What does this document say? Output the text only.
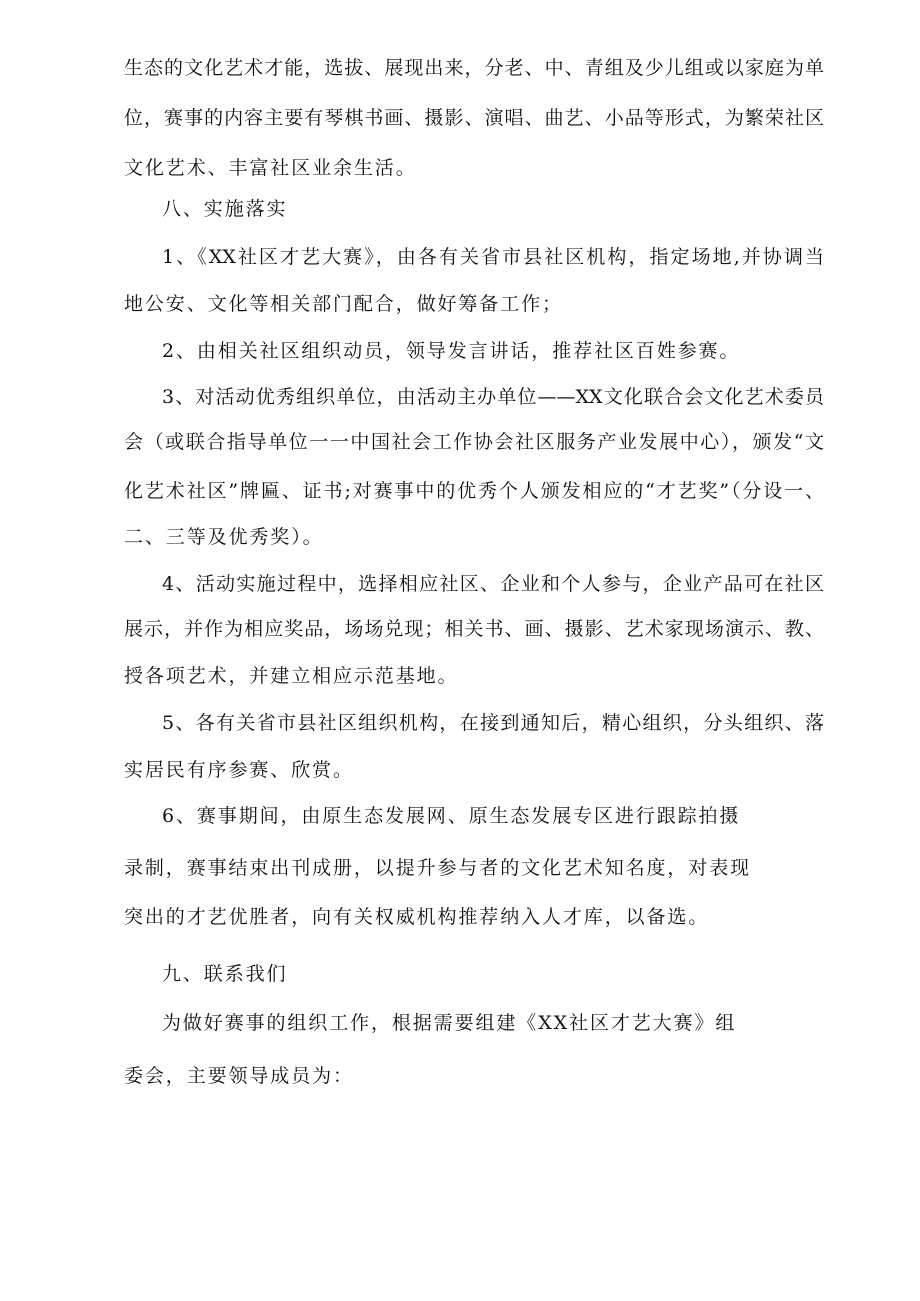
生态的文化艺术才能，选拔、展现出来，分老、中、青组及少儿组或以家庭为单
位，赛事的内容主要有琴棋书画、摄影、演唱、曲艺、小品等形式，为繁荣社区
文化艺术、丰富社区业余生活。
八、实施落实
1、《XX社区才艺大赛》，由各有关省市县社区机构，指定场地,并协调当
地公安、文化等相关部门配合，做好筹备工作；
2、由相关社区组织动员，领导发言讲话，推荐社区百姓参赛。
3、对活动优秀组织单位，由活动主办单位——XX文化联合会文化艺术委员
会（或联合指导单位一一中国社会工作协会社区服务产业发展中心），颁发“文
化艺术社区”牌匾、证书;对赛事中的优秀个人颁发相应的“才艺奖”（分设一、
二、三等及优秀奖）。
4、活动实施过程中，选择相应社区、企业和个人参与，企业产品可在社区
展示，并作为相应奖品，场场兑现；相关书、画、摄影、艺术家现场演示、教、
授各项艺术，并建立相应示范基地。
5、各有关省市县社区组织机构，在接到通知后，精心组织，分头组织、落
实居民有序参赛、欣赏。
6、赛事期间，由原生态发展网、原生态发展专区进行跟踪拍摄
录制，赛事结束出刊成册，以提升参与者的文化艺术知名度，对表现
突出的才艺优胜者，向有关权威机构推荐纳入人才库，以备选。
九、联系我们
为做好赛事的组织工作，根据需要组建《XX社区才艺大赛》组
委会，主要领导成员为：
